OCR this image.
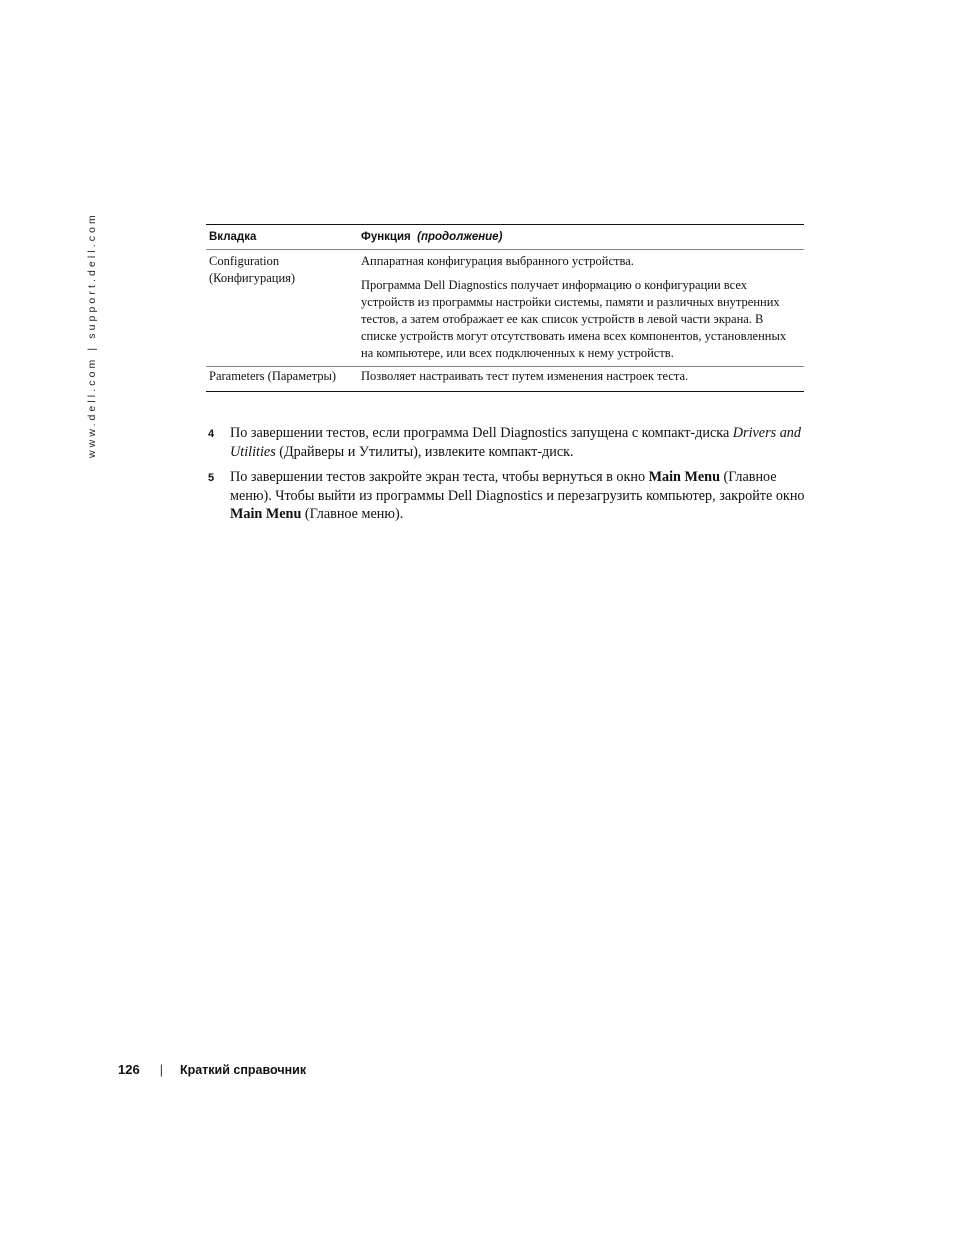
www.dell.com | support.dell.com	Вкладка	Функция (продолжение)

Configuration (Конфигурация)	Аппаратная конфигурация выбранного устройства.

Программа Dell Diagnostics получает информацию о конфигурации всех устройств из программы настройки системы, памяти и различных внутренних тестов, а затем отображает ее как список устройств в левой части экрана. В списке устройств могут отсутствовать имена всех компонентов, установленных на компьютере, или всех подключенных к нему устройств.

Parameters (Параметры)	Позволяет настраивать тест путем изменения настроек теста.

4 По завершении тестов, если программа Dell Diagnostics запущена с компакт-диска Drivers and Utilities (Драйверы и Утилиты), извлеките компакт-диск.
5 По завершении тестов закройте экран теста, чтобы вернуться в окно Main Menu (Главное меню). Чтобы выйти из программы Dell Diagnostics и перезагрузить компьютер, закройте окно Main Menu (Главное меню).
126 | Краткий справочник
